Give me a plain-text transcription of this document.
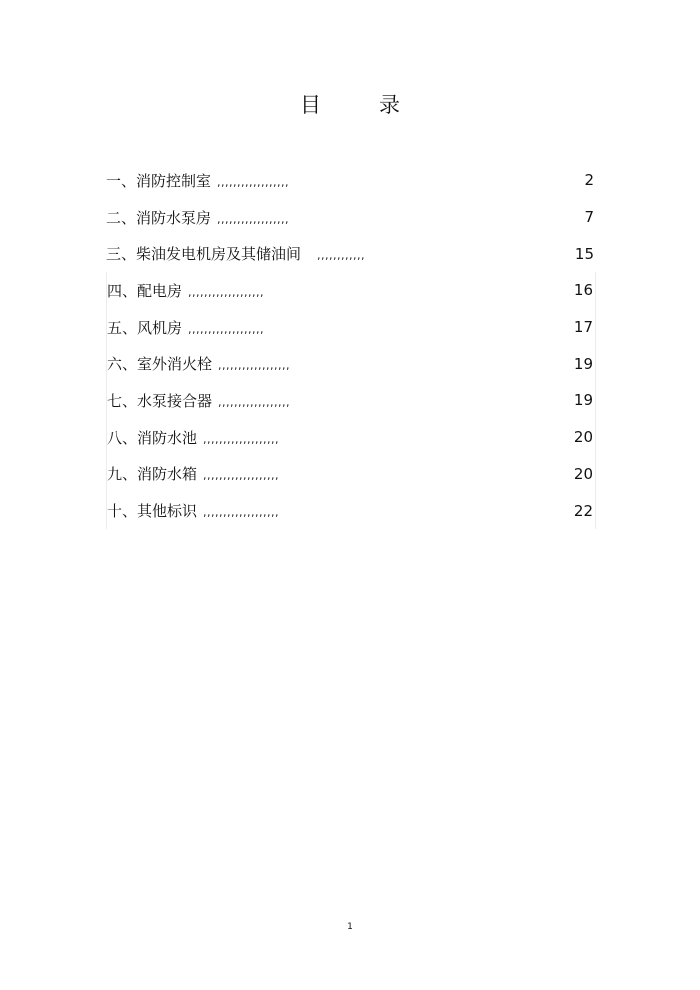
目	录
一、消防控制室 ,,,,,,,,,,,,,,,,,,	2
二、消防水泵房 ,,,,,,,,,,,,,,,,,,	7
三、柴油发电机房及其储油间 ,,,,,,,,,,,,	15
四、配电房 ,,,,,,,,,,,,,,,,,,,	16
五、风机房 ,,,,,,,,,,,,,,,,,,,	17
六、室外消火栓 ,,,,,,,,,,,,,,,,,,	19
七、水泵接合器 ,,,,,,,,,,,,,,,,,,	19
八、消防水池 ,,,,,,,,,,,,,,,,,,,	20
九、消防水箱 ,,,,,,,,,,,,,,,,,,,	20
十、其他标识 ,,,,,,,,,,,,,,,,,,,	22
1
